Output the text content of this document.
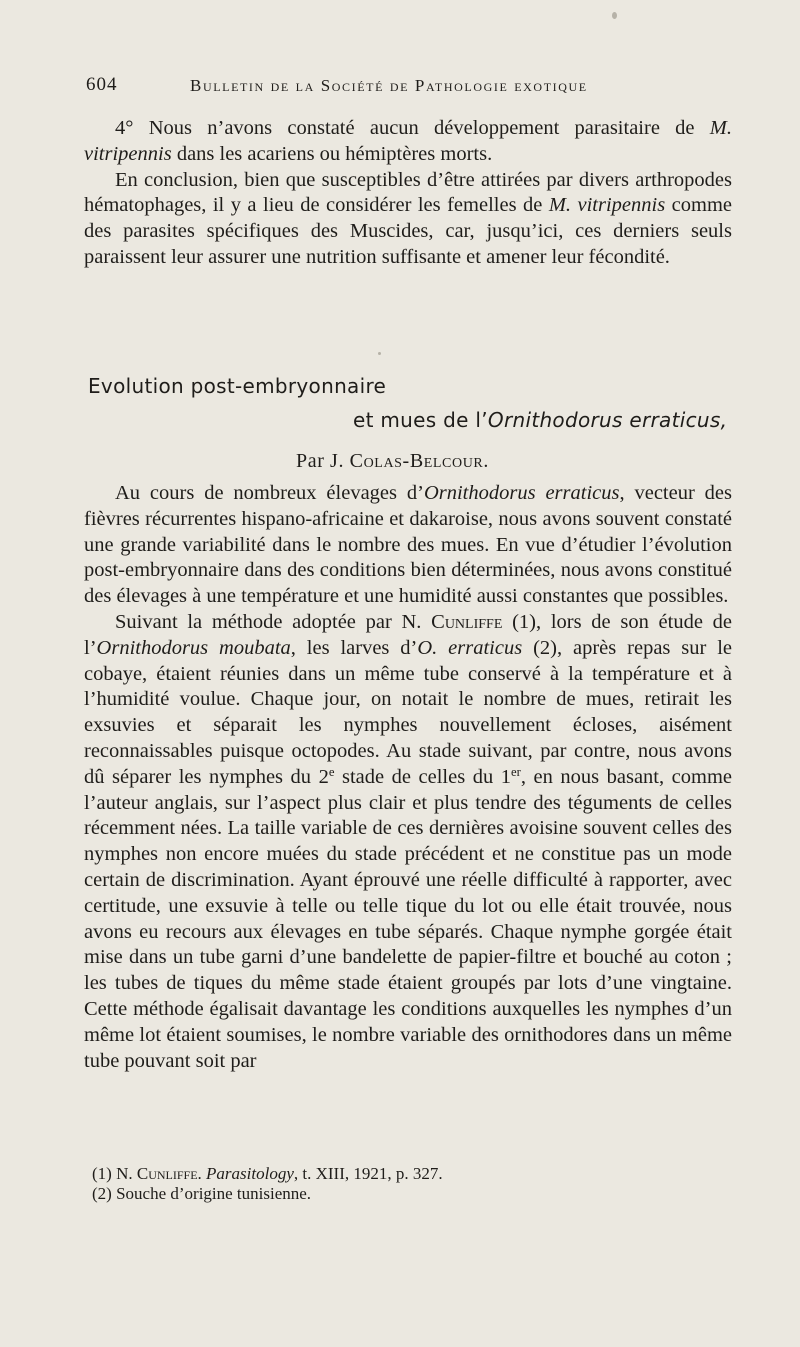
604	Bulletin de la Société de Pathologie exotique

4° Nous n’avons constaté aucun développement parasitaire de M. vitripennis dans les acariens ou hémiptères morts.

En conclusion, bien que susceptibles d’être attirées par divers arthropodes hématophages, il y a lieu de considérer les femelles de M. vitripennis comme des parasites spécifiques des Muscides, car, jusqu’ici, ces derniers seuls paraissent leur assurer une nutrition suffisante et amener leur fécondité.

Evolution post-embryonnaire
et mues de l’Ornithodorus erraticus,
Par J. Colas-Belcour.

Au cours de nombreux élevages d’Ornithodorus erraticus, vecteur des fièvres récurrentes hispano-africaine et dakaroise, nous avons souvent constaté une grande variabilité dans le nombre des mues. En vue d’étudier l’évolution post-embryonnaire dans des conditions bien déterminées, nous avons constitué des élevages à une température et une humidité aussi constantes que possibles.

Suivant la méthode adoptée par N. Cunliffe (1), lors de son étude de l’Ornithodorus moubata, les larves d’O. erraticus (2), après repas sur le cobaye, étaient réunies dans un même tube conservé à la température et à l’humidité voulue. Chaque jour, on notait le nombre de mues, retirait les exsuvies et séparait les nymphes nouvellement écloses, aisément reconnaissables puisque octopodes. Au stade suivant, par contre, nous avons dû séparer les nymphes du 2e stade de celles du 1er, en nous basant, comme l’auteur anglais, sur l’aspect plus clair et plus tendre des téguments de celles récemment nées. La taille variable de ces dernières avoisine souvent celles des nymphes non encore muées du stade précédent et ne constitue pas un mode certain de discrimination. Ayant éprouvé une réelle difficulté à rapporter, avec certitude, une exsuvie à telle ou telle tique du lot ou elle était trouvée, nous avons eu recours aux élevages en tube séparés. Chaque nymphe gorgée était mise dans un tube garni d’une bandelette de papier-filtre et bouché au coton ; les tubes de tiques du même stade étaient groupés par lots d’une vingtaine. Cette méthode égalisait davantage les conditions auxquelles les nymphes d’un même lot étaient soumises, le nombre variable des ornithodores dans un même tube pouvant soit par

(1) N. Cunliffe. Parasitology, t. XIII, 1921, p. 327.
(2) Souche d’origine tunisienne.
